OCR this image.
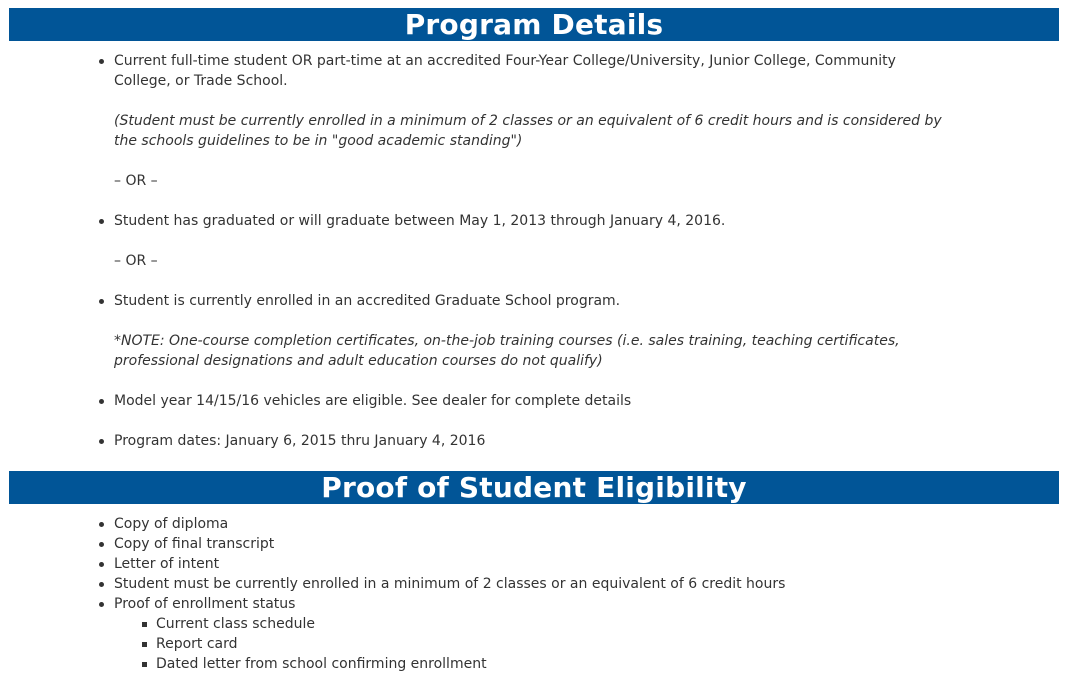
Program Details
Current full-time student OR part-time at an accredited Four-Year College/University, Junior College, Community College, or Trade School.
(Student must be currently enrolled in a minimum of 2 classes or an equivalent of 6 credit hours and is considered by the schools guidelines to be in "good academic standing")
– OR –
Student has graduated or will graduate between May 1, 2013 through January 4, 2016.
– OR –
Student is currently enrolled in an accredited Graduate School program.
*NOTE: One-course completion certificates, on-the-job training courses (i.e. sales training, teaching certificates, professional designations and adult education courses do not qualify)
Model year 14/15/16 vehicles are eligible. See dealer for complete details
Program dates: January 6, 2015 thru January 4, 2016
Proof of Student Eligibility
Copy of diploma
Copy of final transcript
Letter of intent
Student must be currently enrolled in a minimum of 2 classes or an equivalent of 6 credit hours
Proof of enrollment status
Current class schedule
Report card
Dated letter from school confirming enrollment
